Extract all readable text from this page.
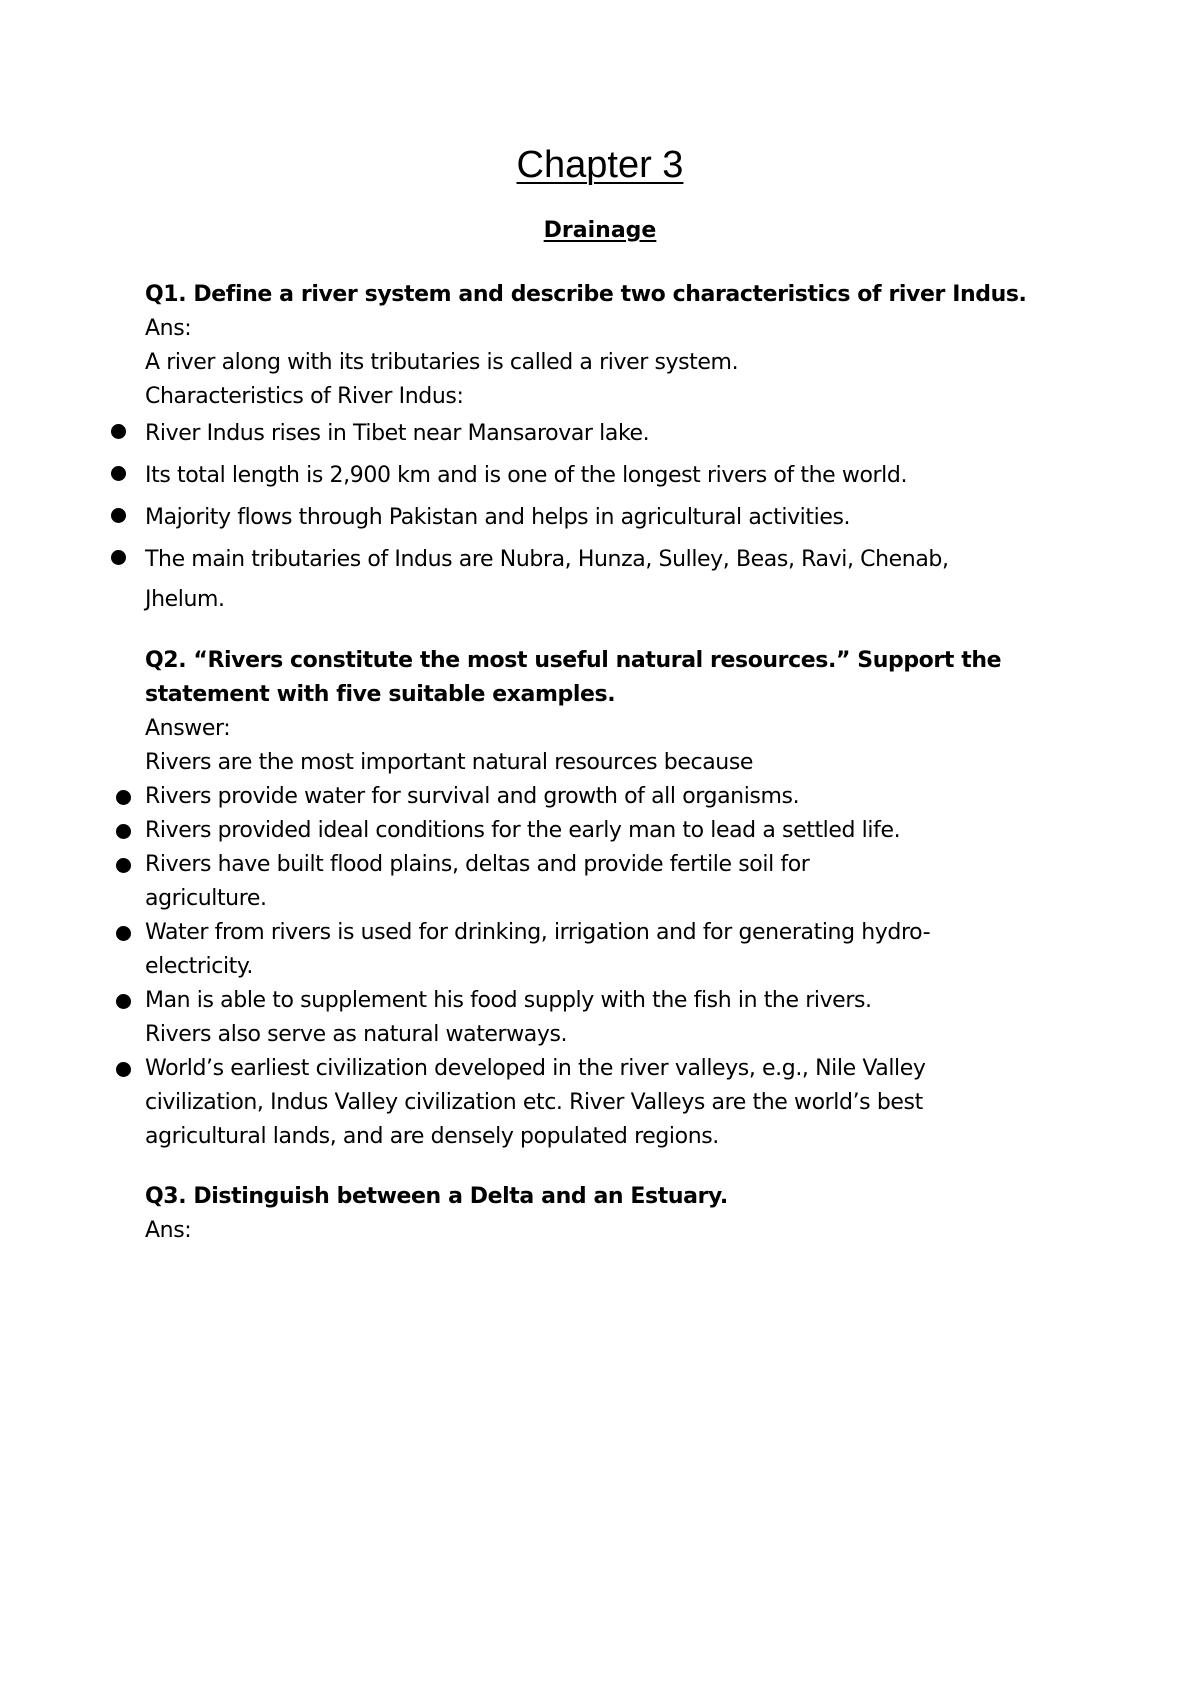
Chapter 3
Drainage
Q1. Define a river system and describe two characteristics of river Indus.
Ans:
A river along with its tributaries is called a river system.
Characteristics of River Indus:
River Indus rises in Tibet near Mansarovar lake.
Its total length is 2,900 km and is one of the longest rivers of the world.
Majority flows through Pakistan and helps in agricultural activities.
The main tributaries of Indus are Nubra, Hunza, Sulley, Beas, Ravi, Chenab, Jhelum.
Q2. “Rivers constitute the most useful natural resources.” Support the statement with five suitable examples.
Answer:
Rivers are the most important natural resources because
Rivers provide water for survival and growth of all organisms.
Rivers provided ideal conditions for the early man to lead a settled life.
Rivers have built flood plains, deltas and provide fertile soil for agriculture.
Water from rivers is used for drinking, irrigation and for generating hydro- electricity.
Man is able to supplement his food supply with the fish in the rivers. Rivers also serve as natural waterways.
World’s earliest civilization developed in the river valleys, e.g., Nile Valley civilization, Indus Valley civilization etc. River Valleys are the world’s best agricultural lands, and are densely populated regions.
Q3. Distinguish between a Delta and an Estuary.
Ans:
